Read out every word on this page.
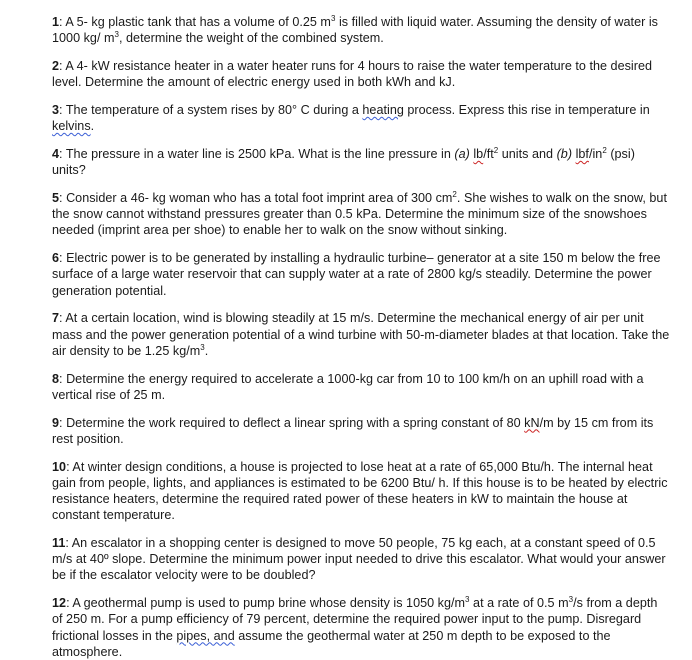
1: A 5- kg plastic tank that has a volume of 0.25 $m^3$ is filled with liquid water. Assuming the density of water is 1000 kg/ $m^3$, determine the weight of the combined system.

2: A 4- kW resistance heater in a water heater runs for 4 hours to raise the water temperature to the desired level. Determine the amount of electric energy used in both kWh and kJ.

3: The temperature of a system rises by 80° C during a heating process. Express this rise in temperature in kelvins.

4: The pressure in a water line is 2500 kPa. What is the line pressure in (a) $lb/ft^2$ units and (b) lbf/$in^2$ (psi) units?

5: Consider a 46- kg woman who has a total foot imprint area of 300 $cm^2$. She wishes to walk on the snow, but the snow cannot withstand pressures greater than 0.5 kPa. Determine the minimum size of the snowshoes needed (imprint area per shoe) to enable her to walk on the snow without sinking.

6: Electric power is to be generated by installing a hydraulic turbine– generator at a site 150 m below the free surface of a large water reservoir that can supply water at a rate of 2800 kg/s steadily. Determine the power generation potential.

7: At a certain location, wind is blowing steadily at 15 m/s. Determine the mechanical energy of air per unit mass and the power generation potential of a wind turbine with 50-m-diameter blades at that location. Take the air density to be 1.25 $kg/m^3$.

8: Determine the energy required to accelerate a 1000-kg car from 10 to 100 km/h on an uphill road with a vertical rise of 25 m.

9: Determine the work required to deflect a linear spring with a spring constant of 80 kN/m by 15 cm from its rest position.

10: At winter design conditions, a house is projected to lose heat at a rate of 65,000 Btu/h. The internal heat gain from people, lights, and appliances is estimated to be 6200 Btu/ h. If this house is to be heated by electric resistance heaters, determine the required rated power of these heaters in kW to maintain the house at constant temperature.

11: An escalator in a shopping center is designed to move 50 people, 75 kg each, at a constant speed of 0.5 m/s at 40º slope. Determine the minimum power input needed to drive this escalator. What would your answer be if the escalator velocity were to be doubled?

12: A geothermal pump is used to pump brine whose density is 1050 $kg/m^3$ at a rate of 0.5 $m^3/s$ from a depth of 250 m. For a pump efficiency of 79 percent, determine the required power input to the pump. Disregard frictional losses in the pipes, and assume the geothermal water at 250 m depth to be exposed to the atmosphere.
